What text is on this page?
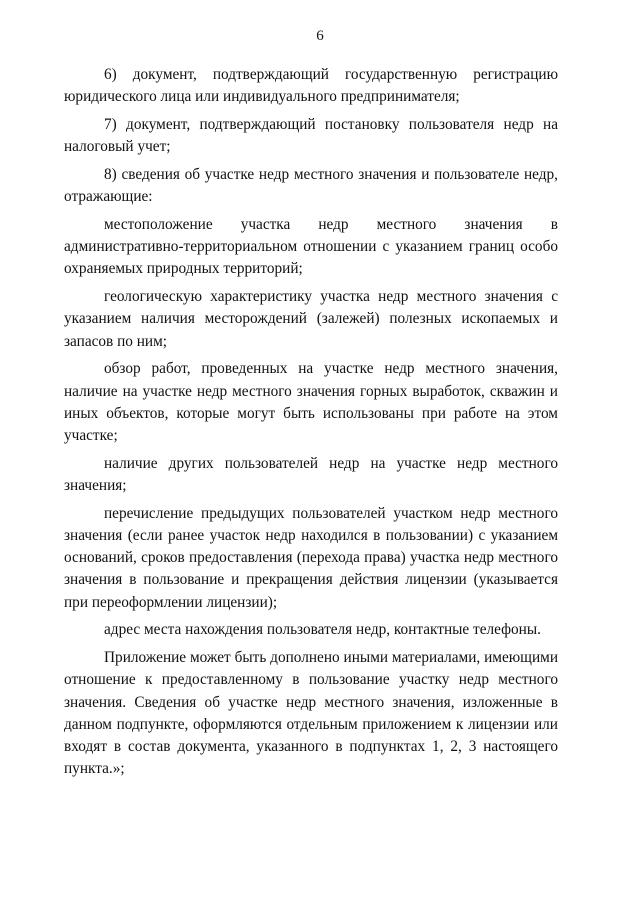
6

6) документ, подтверждающий государственную регистрацию юридического лица или индивидуального предпринимателя;

7) документ, подтверждающий постановку пользователя недр на налоговый учет;

8) сведения об участке недр местного значения и пользователе недр, отражающие:

местоположение участка недр местного значения в административно-территориальном отношении с указанием границ особо охраняемых природных территорий;

геологическую характеристику участка недр местного значения с указанием наличия месторождений (залежей) полезных ископаемых и запасов по ним;

обзор работ, проведенных на участке недр местного значения, наличие на участке недр местного значения горных выработок, скважин и иных объектов, которые могут быть использованы при работе на этом участке;

наличие других пользователей недр на участке недр местного значения;

перечисление предыдущих пользователей участком недр местного значения (если ранее участок недр находился в пользовании) с указанием оснований, сроков предоставления (перехода права) участка недр местного значения в пользование и прекращения действия лицензии (указывается при переоформлении лицензии);

адрес места нахождения пользователя недр, контактные телефоны.

Приложение может быть дополнено иными материалами, имеющими отношение к предоставленному в пользование участку недр местного значения. Сведения об участке недр местного значения, изложенные в данном подпункте, оформляются отдельным приложением к лицензии или входят в состав документа, указанного в подпунктах 1, 2, 3 настоящего пункта.»;
